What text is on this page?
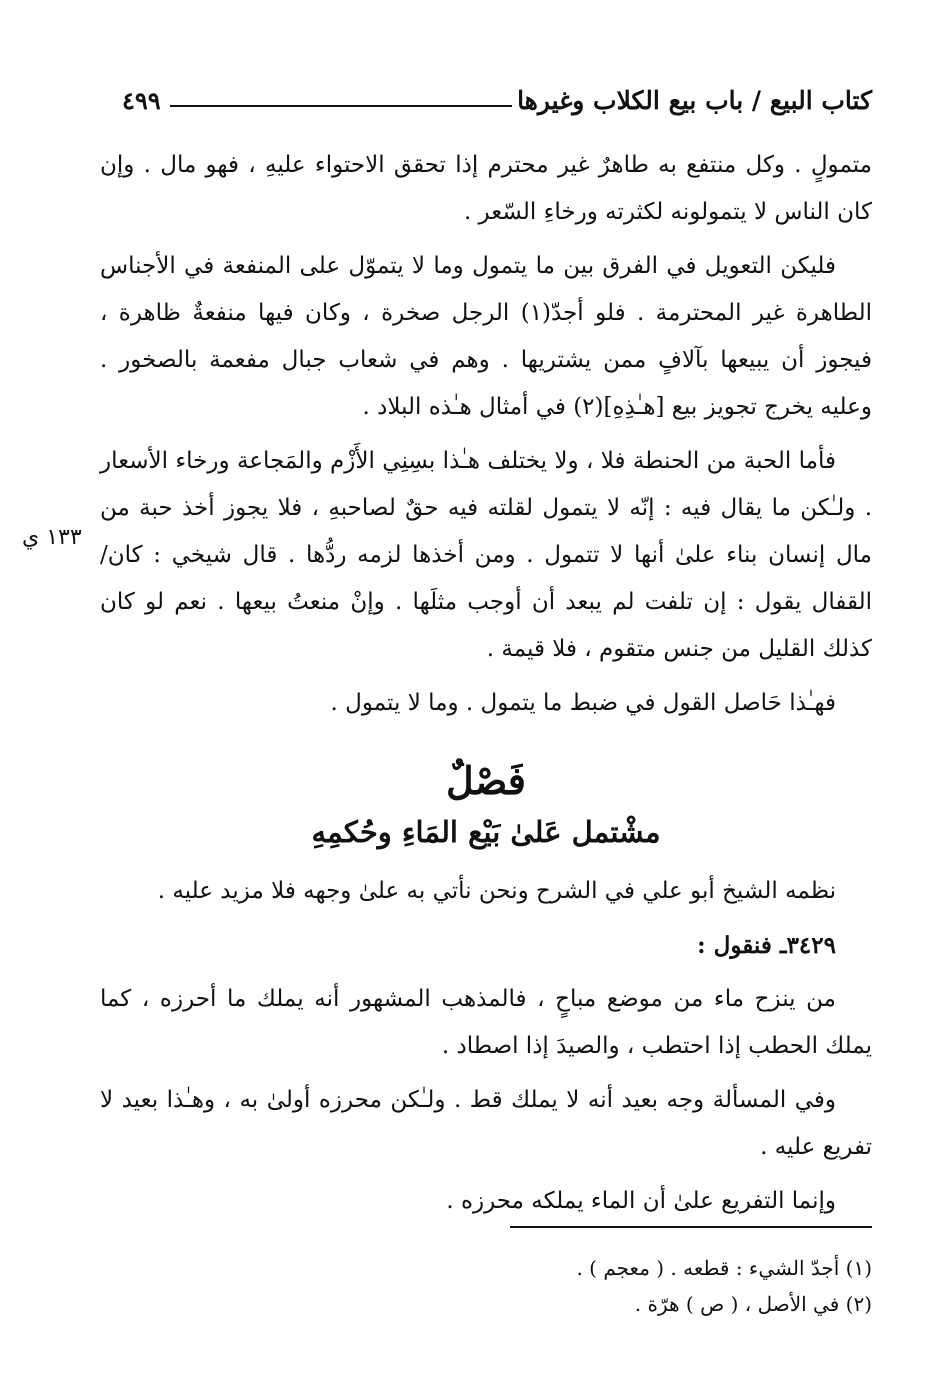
كتاب البيع / باب بيع الكلاب وغيرها
٤٩٩
١٣٣ ي

متمولٍ . وكل منتفع به طاهرٌ غير محترم إذا تحقق الاحتواء عليهِ ، فهو مال . وإن كان الناس لا يتمولونه لكثرته ورخاءِ السّعر .

فليكن التعويل في الفرق بين ما يتمول وما لا يتموّل على المنفعة في الأجناس الطاهرة غير المحترمة . فلو أجدّ(١) الرجل صخرة ، وكان فيها منفعةٌ ظاهرة ، فيجوز أن يبيعها بآلافٍ ممن يشتريها . وهم في شعاب جبال مفعمة بالصخور . وعليه يخرج تجويز بيع [هـٰذِهِ](٢) في أمثال هـٰذه البلاد .

فأما الحبة من الحنطة فلا ، ولا يختلف هـٰذا بسِنِي الأَزْم والمَجاعة ورخاء الأسعار . ولـٰكن ما يقال فيه : إنّه لا يتمول لقلته فيه حقٌ لصاحبهِ ، فلا يجوز أخذ حبة من مال إنسان بناء علىٰ أنها لا تتمول . ومن أخذها لزمه ردُّها . قال شيخي : كان/ القفال يقول : إن تلفت لم يبعد أن أوجب مثلَها . وإنْ منعتُ بيعها . نعم لو كان كذلك القليل من جنس متقوم ، فلا قيمة .

فهـٰذا حَاصل القول في ضبط ما يتمول . وما لا يتمول .

فَصْلٌ
مشْتمل عَلىٰ بَيْع المَاءِ وحُكمِهِ

نظمه الشيخ أبو علي في الشرح ونحن نأتي به علىٰ وجهه فلا مزيد عليه .

٣٤٢٩ـ فنقول :

من ينزح ماء من موضع مباحٍ ، فالمذهب المشهور أنه يملك ما أحرزه ، كما يملك الحطب إذا احتطب ، والصيدَ إذا اصطاد .

وفي المسألة وجه بعيد أنه لا يملك قط . ولـٰكن محرزه أولىٰ به ، وهـٰذا بعيد لا تفريع عليه .

وإنما التفريع علىٰ أن الماء يملكه محرزه .

(١) أجدّ الشيء : قطعه . ( معجم ) .
(٢) في الأصل ، ( ص ) هرّة .
